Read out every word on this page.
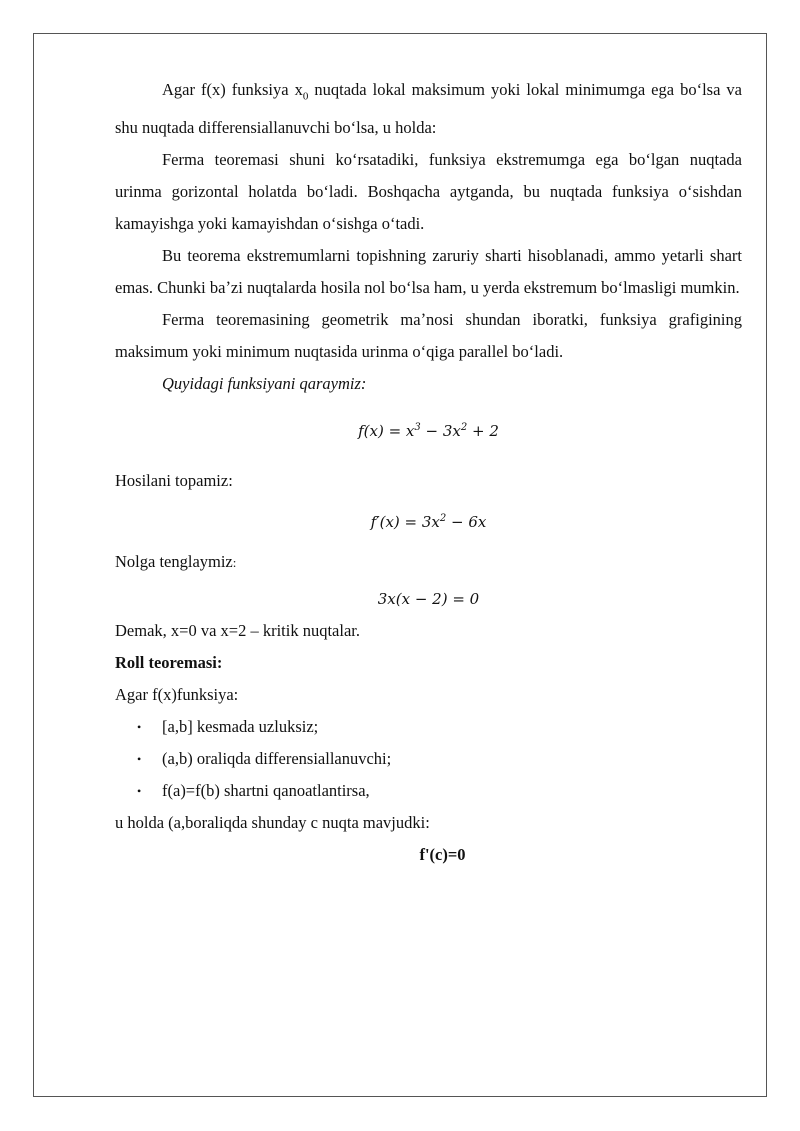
Agar f(x) funksiya $x_0$ nuqtada lokal maksimum yoki lokal minimumga ega boʻlsa va shu nuqtada differensiallanuvchi boʻlsa, u holda:

Ferma teoremasi shuni koʻrsatadiki, funksiya ekstremumga ega boʻlgan nuqtada urinma gorizontal holatda boʻladi. Boshqacha aytganda, bu nuqtada funksiya oʻsishdan kamayishga yoki kamayishdan oʻsishga oʻtadi.

Bu teorema ekstremumlarni topishning zaruriy sharti hisoblanadi, ammo yetarli shart emas. Chunki baʼzi nuqtalarda hosila nol boʻlsa ham, u yerda ekstremum boʻlmasligi mumkin.

Ferma teoremasining geometrik maʼnosi shundan iboratki, funksiya grafigining maksimum yoki minimum nuqtasida urinma oʻqiga parallel boʻladi.

Quyidagi funksiyani qaraymiz:

$f(x) = x^3 - 3x^2 + 2$

Hosilani topamiz:

$f'(x) = 3x^2 - 6x$

Nolga tenglaymiz:

3x(x − 2) = 0

Demak, x=0 va x=2 – kritik nuqtalar.

Roll teoremasi:

Agar f(x)funksiya:

• [a,b] kesmada uzluksiz;
• (a,b) oraliqda differensiallanuvchi;
• f(a)=f(b) shartni qanoatlantirsa,

u holda (a,boraliqda shunday c nuqta mavjudki:

f'(c)=0
